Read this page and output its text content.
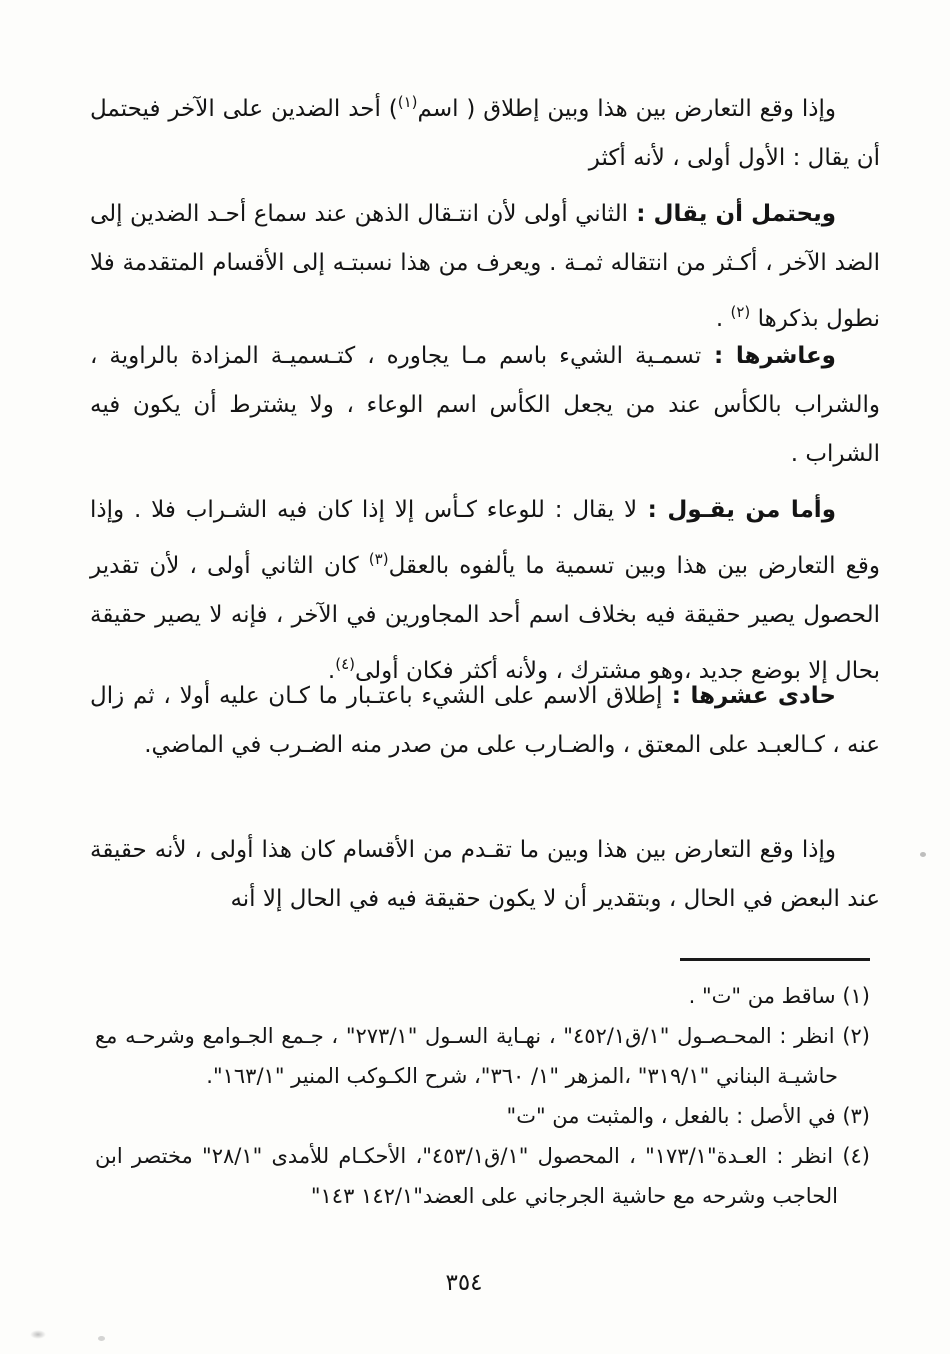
وإذا وقع التعارض بين هذا وبين إطلاق ( اسم$^{(١)}$) أحد الضدين على الآخر فيحتمل أن يقال : الأول أولى ، لأنه أكثر

ويحتمل أن يقال : الثاني أولى لأن انتـقال الذهن عند سماع أحـد الضدين إلى الضد الآخر ، أكـثر من انتقاله ثمـة . ويعرف من هذا نسبتـه إلى الأقسام المتقدمة فلا نطول بذكرها $^{(٢)}$ .

وعاشرها : تسمـية الشيء باسم مـا يجاوره ، كتـسميـة المزادة بالراوية ، والشراب بالكأس عند من يجعل الكأس اسم الوعاء ، ولا يشترط أن يكون فيه الشراب .

وأما من يقـول : لا يقال : للوعاء كـأس إلا إذا كان فيه الشـراب فلا . وإذا وقع التعارض بين هذا وبين تسمية ما يألفوه بالعقل$^{(٣)}$ كان الثاني أولى ، لأن تقدير الحصول يصير حقيقة فيه بخلاف اسم أحد المجاورين في الآخر ، فإنه لا يصير حقيقة بحال إلا بوضع جديد ،وهو مشترك ، ولأنه أكثر فكان أولى$^{(٤)}$.

حادى عشرها : إطلاق الاسم على الشيء باعتـبار ما كـان عليه أولا ، ثم زال عنه ، كـالعبـد على المعتق ، والضـارب على من صدر منه الضـرب في الماضي.

وإذا وقع التعارض بين هذا وبين ما تقـدم من الأقسام كان هذا أولى ، لأنه حقيقة عند البعض في الحال ، وبتقدير أن لا يكون حقيقة فيه في الحال إلا أنه

(١) ساقط من "ت" .

(٢) انظر : المحـصـول "١/ق٤٥٢/١" ، نهـاية السـول "٢٧٣/١" ، جـمع الجـوامع وشرحـه مع حاشيـة البناني "٣١٩/١" ،المزهر "١/ ٣٦٠"، شرح الكـوكب المنير "١٦٣/١".

(٣) في الأصل : بالفعل ، والمثبت من "ت"

(٤) انظر : العـدة"١٧٣/١" ، المحصول "١/ق٤٥٣/١"، الأحكـام للأمدى "٢٨/١" مختصر ابن الحاجب وشرحه مع حاشية الجرجاني على العضد"١٤٢/١ ١٤٣"

٣٥٤
